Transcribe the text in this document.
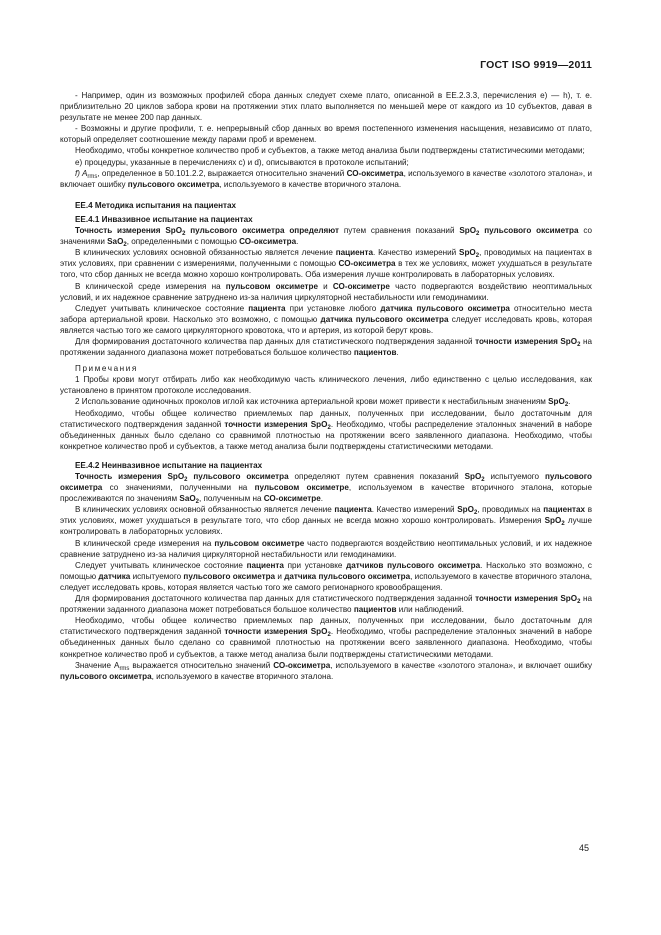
ГОСТ ISO 9919—2011

- Например, один из возможных профилей сбора данных следует схеме плато, описанной в ЕЕ.2.3.3, перечисления е) — h), т. е. приблизительно 20 циклов забора крови на протяжении этих плато выполняется по меньшей мере от каждого из 10 субъектов, давая в результате не менее 200 пар данных.

- Возможны и другие профили, т. е. непрерывный сбор данных во время постепенного изменения насыщения, независимо от плато, который определяет соотношение между парами проб и временем.

Необходимо, чтобы конкретное количество проб и субъектов, а также метод анализа были подтверждены статистическими методами;

e) процедуры, указанные в перечислениях c) и d), описываются в протоколе испытаний;

f) $A_{rms}$, определенное в 50.101.2.2, выражается относительно значений СО-оксиметра, используемого в качестве «золотого эталона», и включает ошибку пульсового оксиметра, используемого в качестве вторичного эталона.

ЕЕ.4 Методика испытания на пациентах

ЕЕ.4.1 Инвазивное испытание на пациентах

Точность измерения SpO$_2$ пульсового оксиметра определяют путем сравнения показаний SpO$_2$ пульсового оксиметра со значениями SaO$_2$, определенными с помощью СО-оксиметра.

В клинических условиях основной обязанностью является лечение пациента. Качество измерений SpO$_2$, проводимых на пациентах в этих условиях, при сравнении с измерениями, полученными с помощью СО-оксиметра в тех же условиях, может ухудшаться в результате того, что сбор данных не всегда можно хорошо контролировать. Оба измерения лучше контролировать в лабораторных условиях.

В клинической среде измерения на пульсовом оксиметре и СО-оксиметре часто подвергаются воздействию неоптимальных условий, и их надежное сравнение затруднено из-за наличия циркуляторной нестабильности или гемодинамики.

Следует учитывать клиническое состояние пациента при установке любого датчика пульсового оксиметра относительно места забора артериальной крови. Насколько это возможно, с помощью датчика пульсового оксиметра следует исследовать кровь, которая является частью того же самого циркуляторного кровотока, что и артерия, из которой берут кровь.

Для формирования достаточного количества пар данных для статистического подтверждения заданной точности измерения SpO$_2$ на протяжении заданного диапазона может потребоваться большое количество пациентов.

Примечания

1 Пробы крови могут отбирать либо как необходимую часть клинического лечения, либо единственно с целью исследования, как установлено в принятом протоколе исследования.

2 Использование одиночных проколов иглой как источника артериальной крови может привести к нестабильным значениям SpO$_2$.

Необходимо, чтобы общее количество приемлемых пар данных, полученных при исследовании, было достаточным для статистического подтверждения заданной точности измерения SpO$_2$. Необходимо, чтобы распределение эталонных значений в наборе объединенных данных было сделано со сравнимой плотностью на протяжении всего заявленного диапазона. Необходимо, чтобы конкретное количество проб и субъектов, а также метод анализа были подтверждены статистическими методами.

ЕЕ.4.2 Неинвазивное испытание на пациентах

Точность измерения SpO$_2$ пульсового оксиметра определяют путем сравнения показаний SpO$_2$ испытуемого пульсового оксиметра со значениями, полученными на пульсовом оксиметре, используемом в качестве вторичного эталона, которые прослеживаются по значениям SaO$_2$, полученным на СО-оксиметре.

В клинических условиях основной обязанностью является лечение пациента. Качество измерений SpO$_2$, проводимых на пациентах в этих условиях, может ухудшаться в результате того, что сбор данных не всегда можно хорошо контролировать. Измерения SpO$_2$ лучше контролировать в лабораторных условиях.

В клинической среде измерения на пульсовом оксиметре часто подвергаются воздействию неоптимальных условий, и их надежное сравнение затруднено из-за наличия циркуляторной нестабильности или гемодинамики.

Следует учитывать клиническое состояние пациента при установке датчиков пульсового оксиметра. Насколько это возможно, с помощью датчика испытуемого пульсового оксиметра и датчика пульсового оксиметра, используемого в качестве вторичного эталона, следует исследовать кровь, которая является частью того же самого регионарного кровообращения.

Для формирования достаточного количества пар данных для статистического подтверждения заданной точности измерения SpO$_2$ на протяжении заданного диапазона может потребоваться большое количество пациентов или наблюдений.

Необходимо, чтобы общее количество приемлемых пар данных, полученных при исследовании, было достаточным для статистического подтверждения заданной точности измерения SpO$_2$. Необходимо, чтобы распределение эталонных значений в наборе объединенных данных было сделано со сравнимой плотностью на протяжении всего заявленного диапазона. Необходимо, чтобы конкретное количество проб и субъектов, а также метод анализа были подтверждены статистическими методами.

Значение $A_{rms}$ выражается относительно значений СО-оксиметра, используемого в качестве «золотого эталона», и включает ошибку пульсового оксиметра, используемого в качестве вторичного эталона.

45
